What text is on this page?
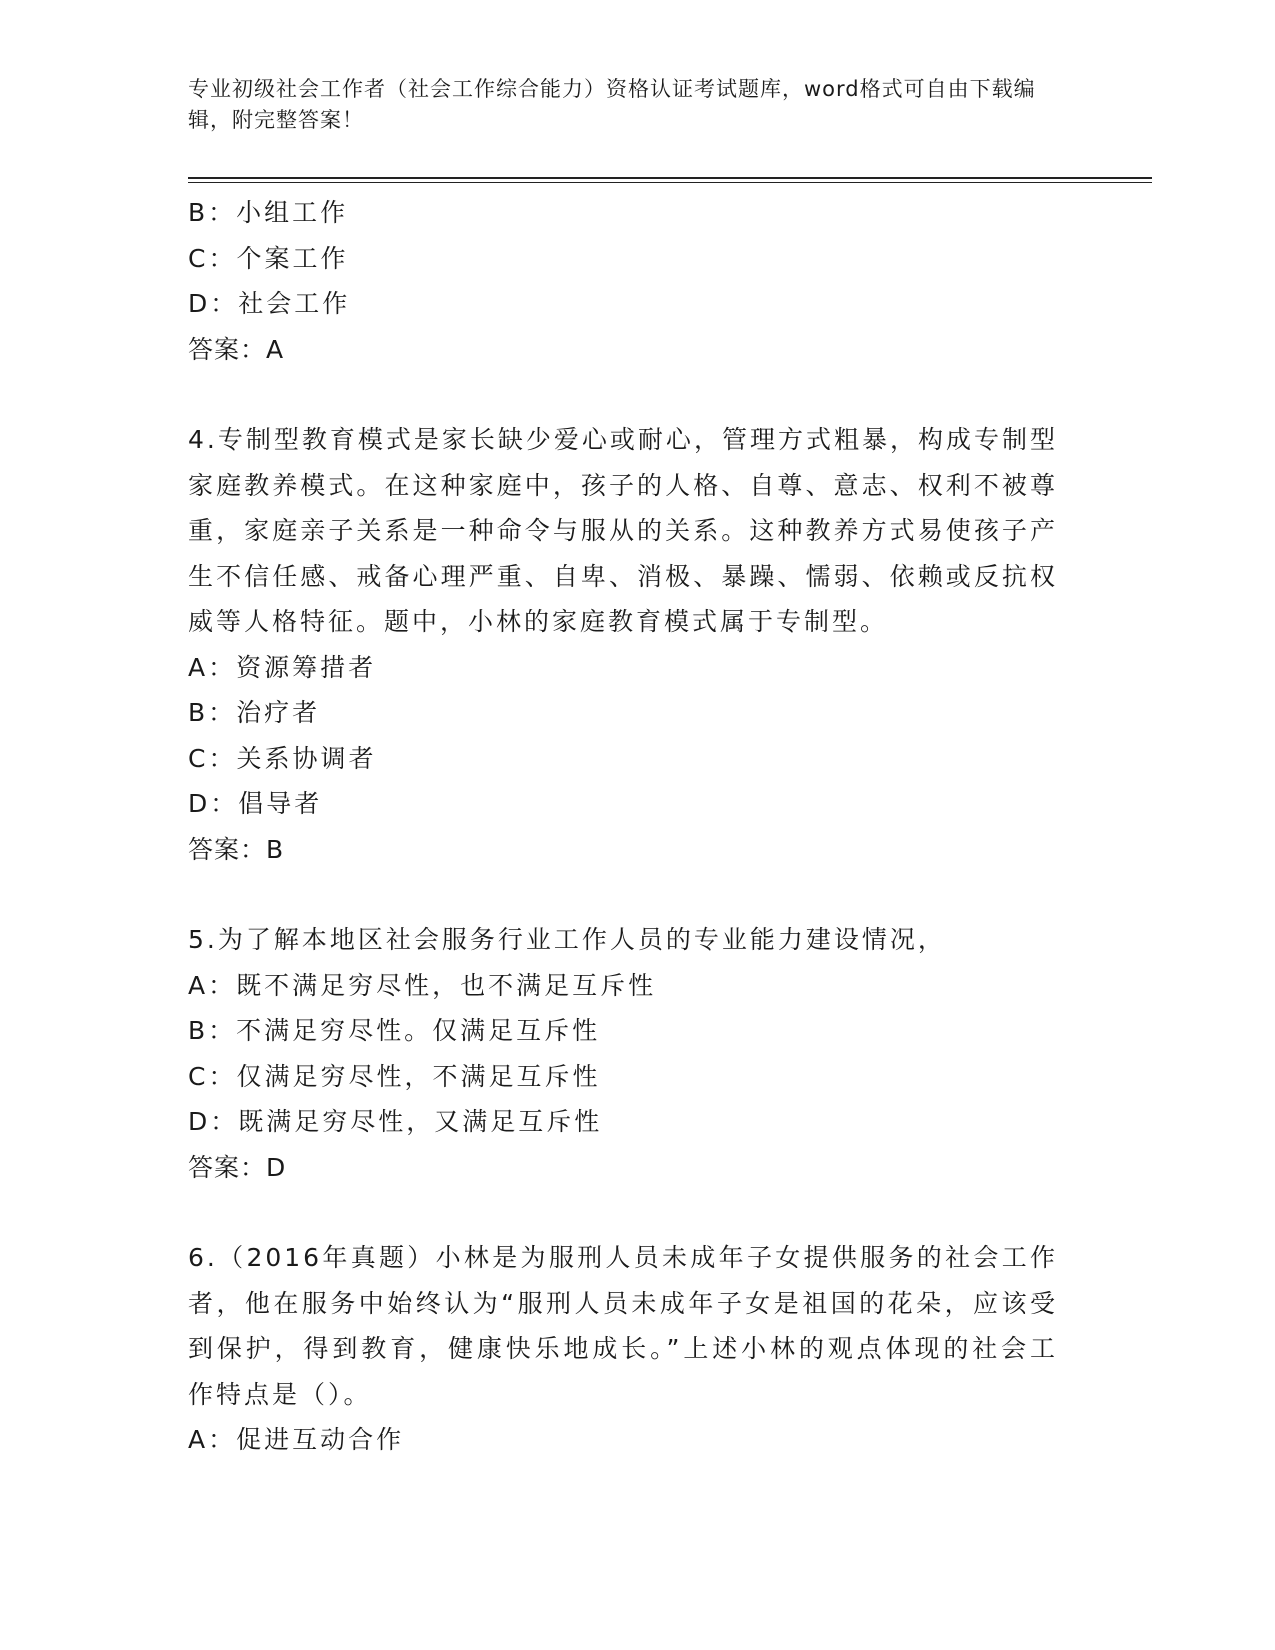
专业初级社会工作者（社会工作综合能力）资格认证考试题库，word格式可自由下载编辑，附完整答案！
B：小组工作
C：个案工作
D：社会工作
答案：A

4.专制型教育模式是家长缺少爱心或耐心，管理方式粗暴，构成专制型家庭教养模式。在这种家庭中，孩子的人格、自尊、意志、权利不被尊重，家庭亲子关系是一种命令与服从的关系。这种教养方式易使孩子产生不信任感、戒备心理严重、自卑、消极、暴躁、懦弱、依赖或反抗权威等人格特征。题中，小林的家庭教育模式属于专制型。

A：资源筹措者
B：治疗者
C：关系协调者
D：倡导者
答案：B
5.为了解本地区社会服务行业工作人员的专业能力建设情况，
A：既不满足穷尽性，也不满足互斥性
B：不满足穷尽性。仅满足互斥性
C：仅满足穷尽性，不满足互斥性
D：既满足穷尽性，又满足互斥性
答案：D

6.（2016年真题）小林是为服刑人员未成年子女提供服务的社会工作者，他在服务中始终认为“服刑人员未成年子女是祖国的花朵，应该受到保护，得到教育，健康快乐地成长。”上述小林的观点体现的社会工作特点是（）。

A：促进互动合作
